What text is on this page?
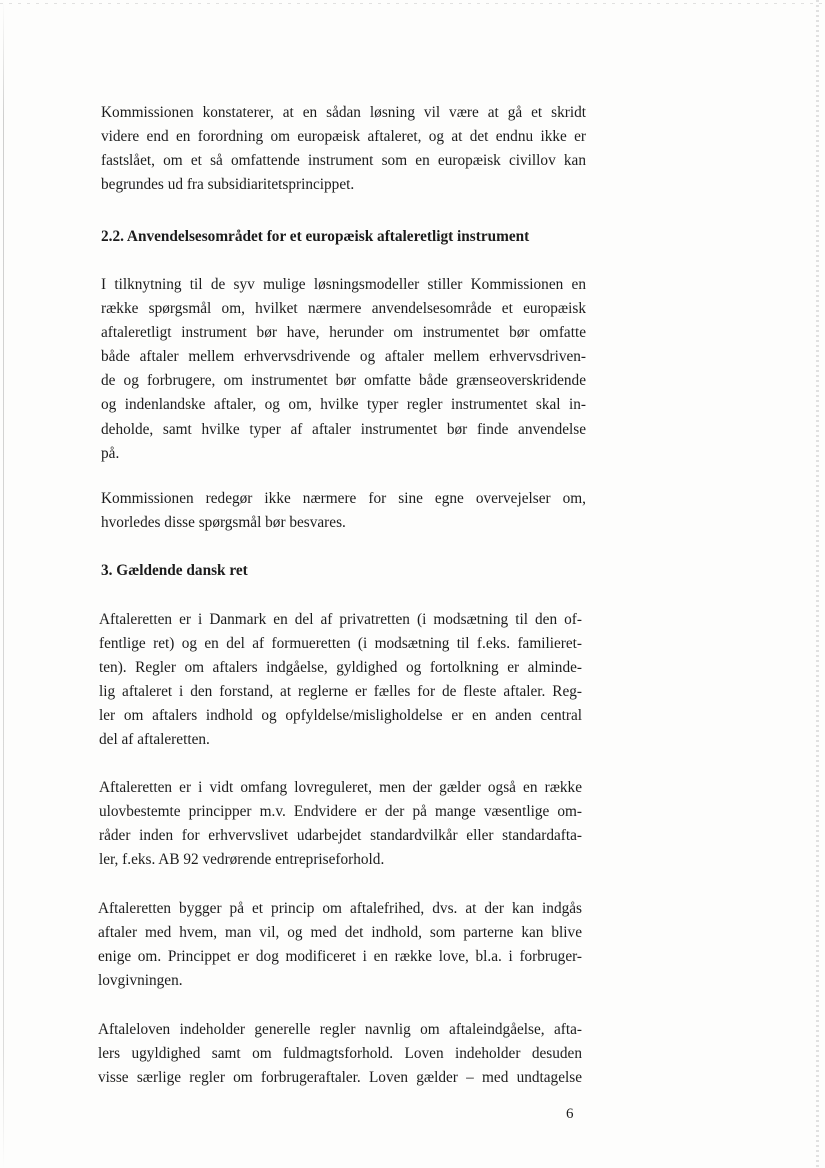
Kommissionen konstaterer, at en sådan løsning vil være at gå et skridt
videre end en forordning om europæisk aftaleret, og at det endnu ikke er
fastslået, om et så omfattende instrument som en europæisk civillov kan
begrundes ud fra subsidiaritetsprincippet.

2.2. Anvendelsesområdet for et europæisk aftaleretligt instrument

I tilknytning til de syv mulige løsningsmodeller stiller Kommissionen en
række spørgsmål om, hvilket nærmere anvendelsesområde et europæisk
aftaleretligt instrument bør have, herunder om instrumentet bør omfatte
både aftaler mellem erhvervsdrivende og aftaler mellem erhvervsdriven-
de og forbrugere, om instrumentet bør omfatte både grænseoverskridende
og indenlandske aftaler, og om, hvilke typer regler instrumentet skal in-
deholde, samt hvilke typer af aftaler instrumentet bør finde anvendelse
på.

Kommissionen redegør ikke nærmere for sine egne overvejelser om,
hvorledes disse spørgsmål bør besvares.

3. Gældende dansk ret

Aftaleretten er i Danmark en del af privatretten (i modsætning til den of-
fentlige ret) og en del af formueretten (i modsætning til f.eks. familieret-
ten). Regler om aftalers indgåelse, gyldighed og fortolkning er alminde-
lig aftaleret i den forstand, at reglerne er fælles for de fleste aftaler. Reg-
ler om aftalers indhold og opfyldelse/misligholdelse er en anden central
del af aftaleretten.

Aftaleretten er i vidt omfang lovreguleret, men der gælder også en række
ulovbestemte principper m.v. Endvidere er der på mange væsentlige om-
råder inden for erhvervslivet udarbejdet standardvilkår eller standardafta-
ler, f.eks. AB 92 vedrørende entrepriseforhold.

Aftaleretten bygger på et princip om aftalefrihed, dvs. at der kan indgås
aftaler med hvem, man vil, og med det indhold, som parterne kan blive
enige om. Princippet er dog modificeret i en række love, bl.a. i forbruger-
lovgivningen.

Aftaleloven indeholder generelle regler navnlig om aftaleindgåelse, afta-
lers ugyldighed samt om fuldmagtsforhold. Loven indeholder desuden
visse særlige regler om forbrugeraftaler. Loven gælder – med undtagelse

6
